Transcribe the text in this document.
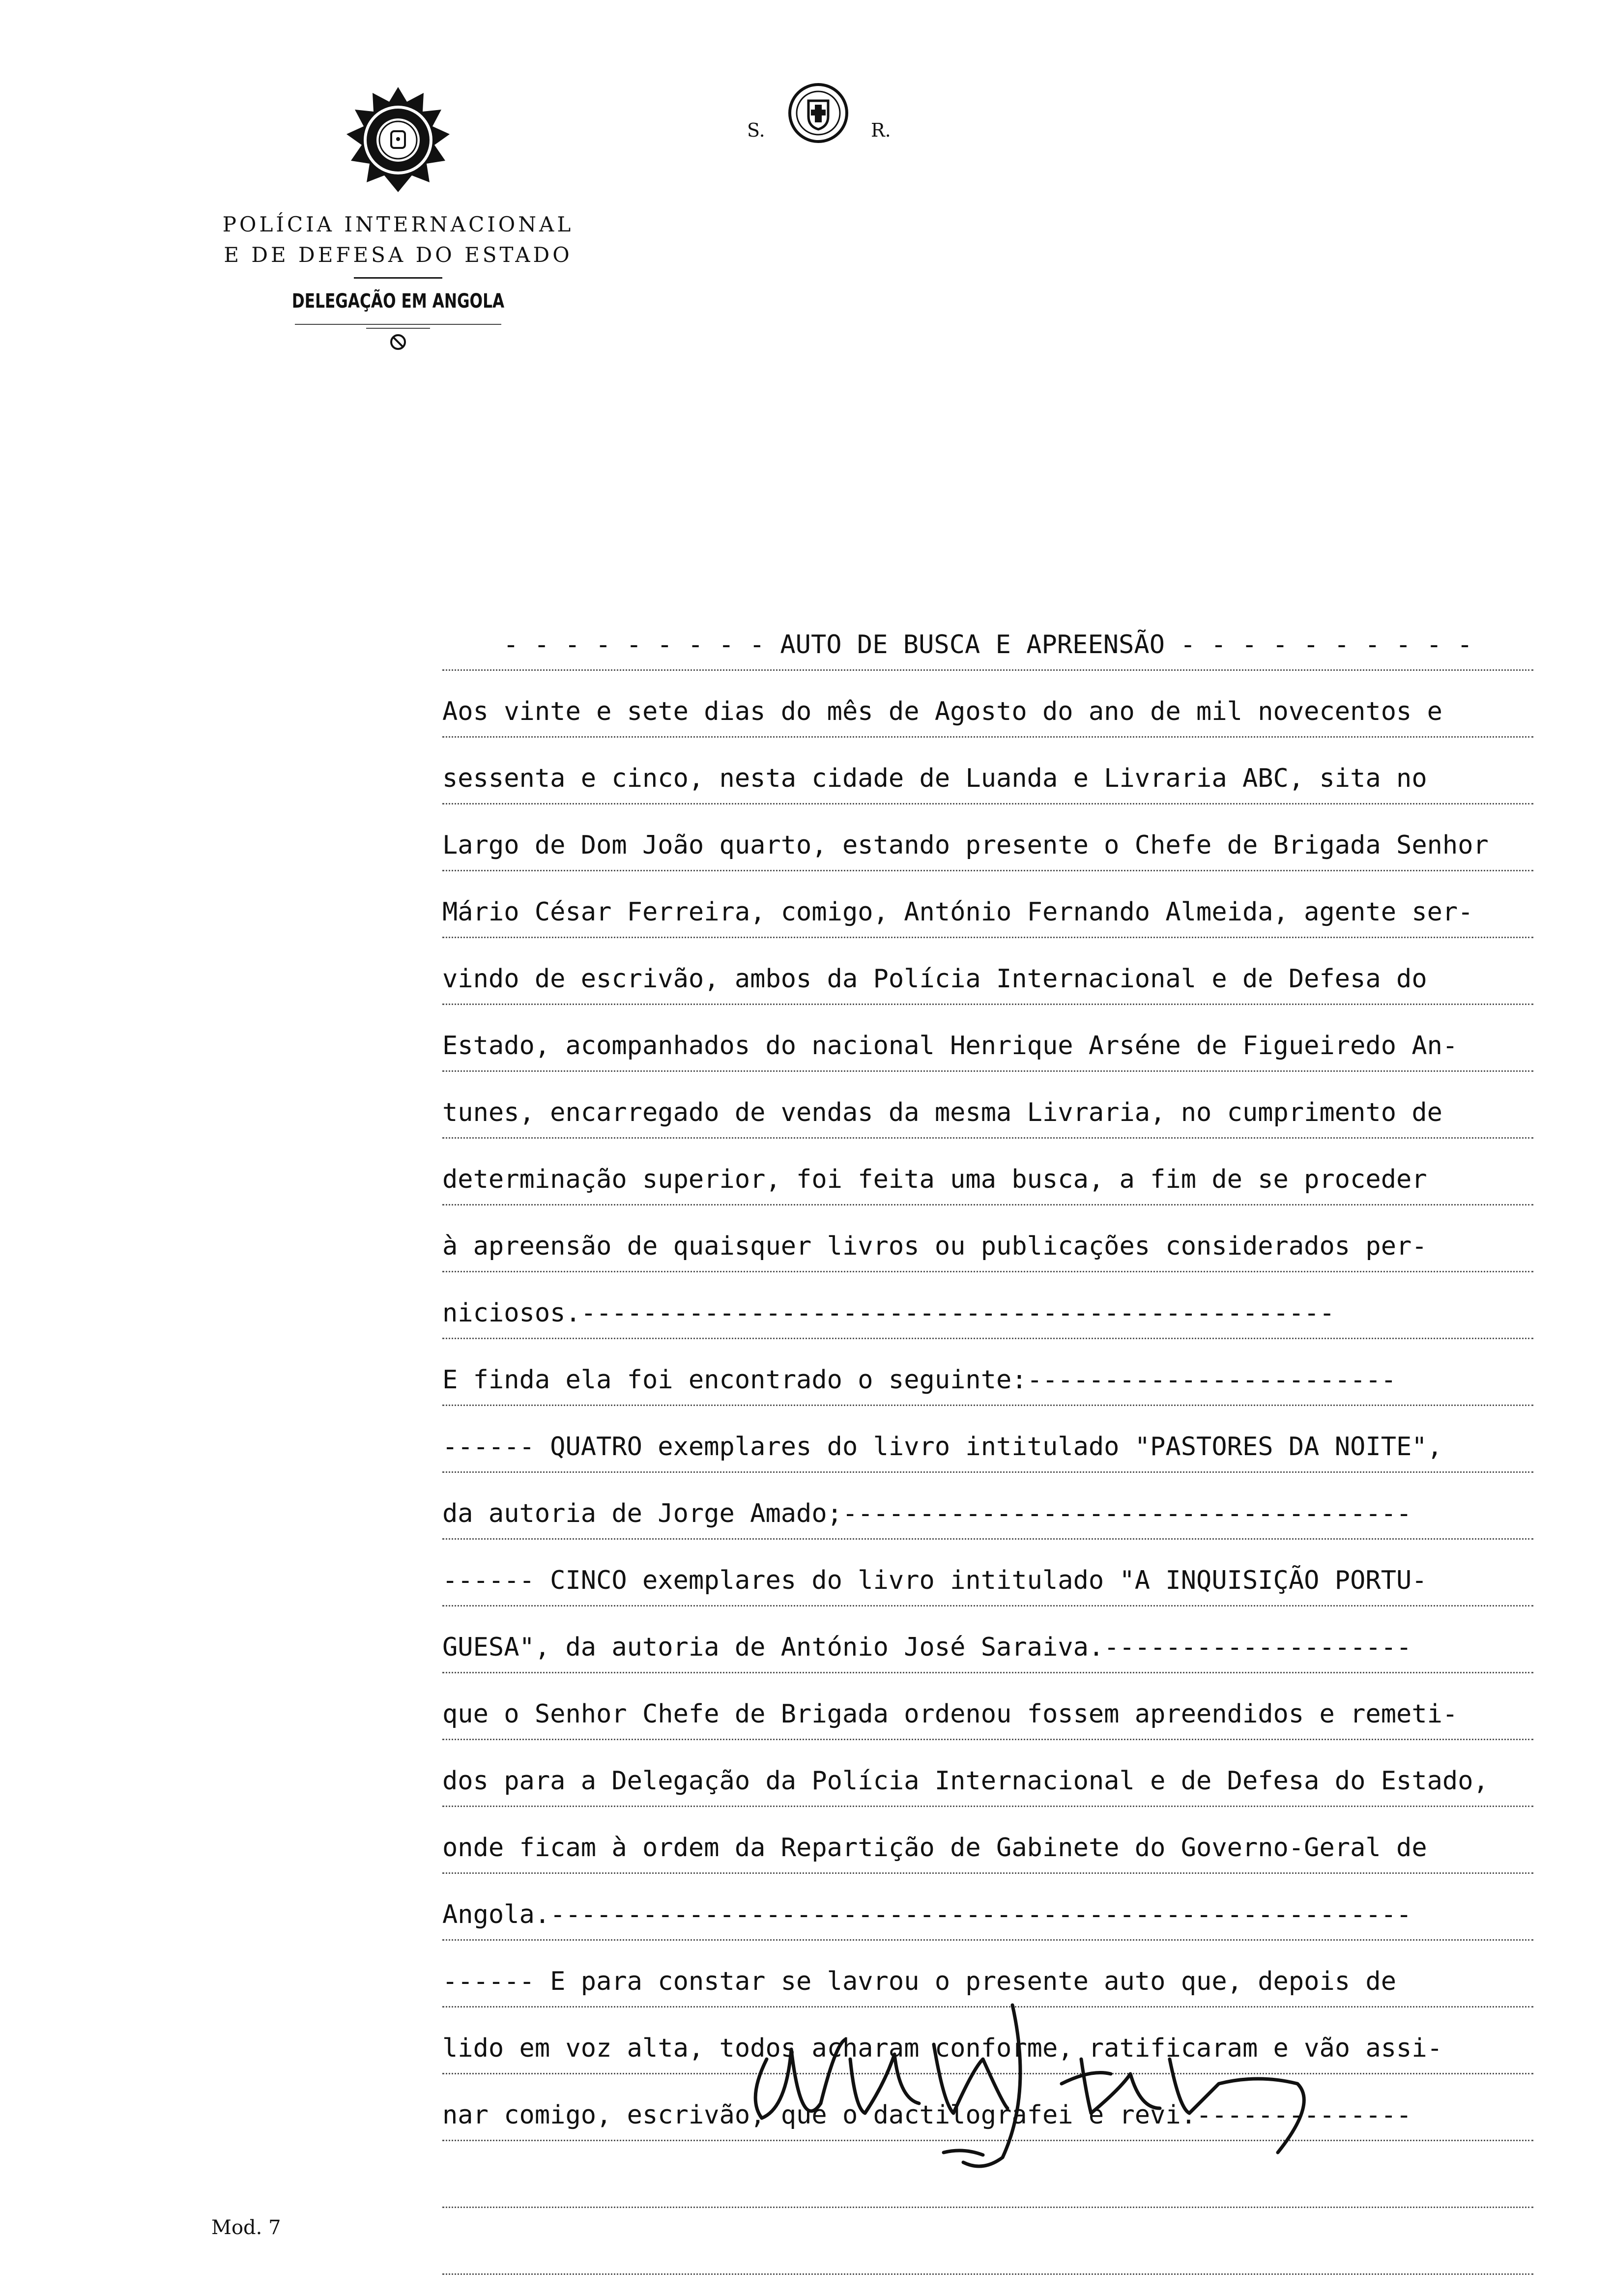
POLÍCIA INTERNACIONAL
E DE DEFESA DO ESTADO
DELEGAÇÃO EM ANGOLA
S.	R.
- - - - - - - - - AUTO DE BUSCA E APREENSÃO - - - - - - - - - -
Aos vinte e sete dias do mês de Agosto do ano de mil novecentos e
sessenta e cinco, nesta cidade de Luanda e Livraria ABC, sita no
Largo de Dom João quarto, estando presente o Chefe de Brigada Senhor
Mário César Ferreira, comigo, António Fernando Almeida, agente ser-
vindo de escrivão, ambos da Polícia Internacional e de Defesa do
Estado, acompanhados do nacional Henrique Arséne de Figueiredo An-
tunes, encarregado de vendas da mesma Livraria, no cumprimento de
determinação superior, foi feita uma busca, a fim de se proceder
à apreensão de quaisquer livros ou publicações considerados per-
niciosos.-------------------------------------------------
E finda ela foi encontrado o seguinte:------------------------
------ QUATRO exemplares do livro intitulado "PASTORES DA NOITE",
da autoria de Jorge Amado;-------------------------------------
------ CINCO exemplares do livro intitulado "A INQUISIÇÃO PORTU-
GUESA", da autoria de António José Saraiva.--------------------
que o Senhor Chefe de Brigada ordenou fossem apreendidos e remeti-
dos para a Delegação da Polícia Internacional e de Defesa do Estado,
onde ficam à ordem da Repartição de Gabinete do Governo-Geral de
Angola.--------------------------------------------------------
------ E para constar se lavrou o presente auto que, depois de
lido em voz alta, todos acharam conforme, ratificaram e vão assi-
nar comigo, escrivão, que o dactilografei e revi.--------------
Mod. 7
